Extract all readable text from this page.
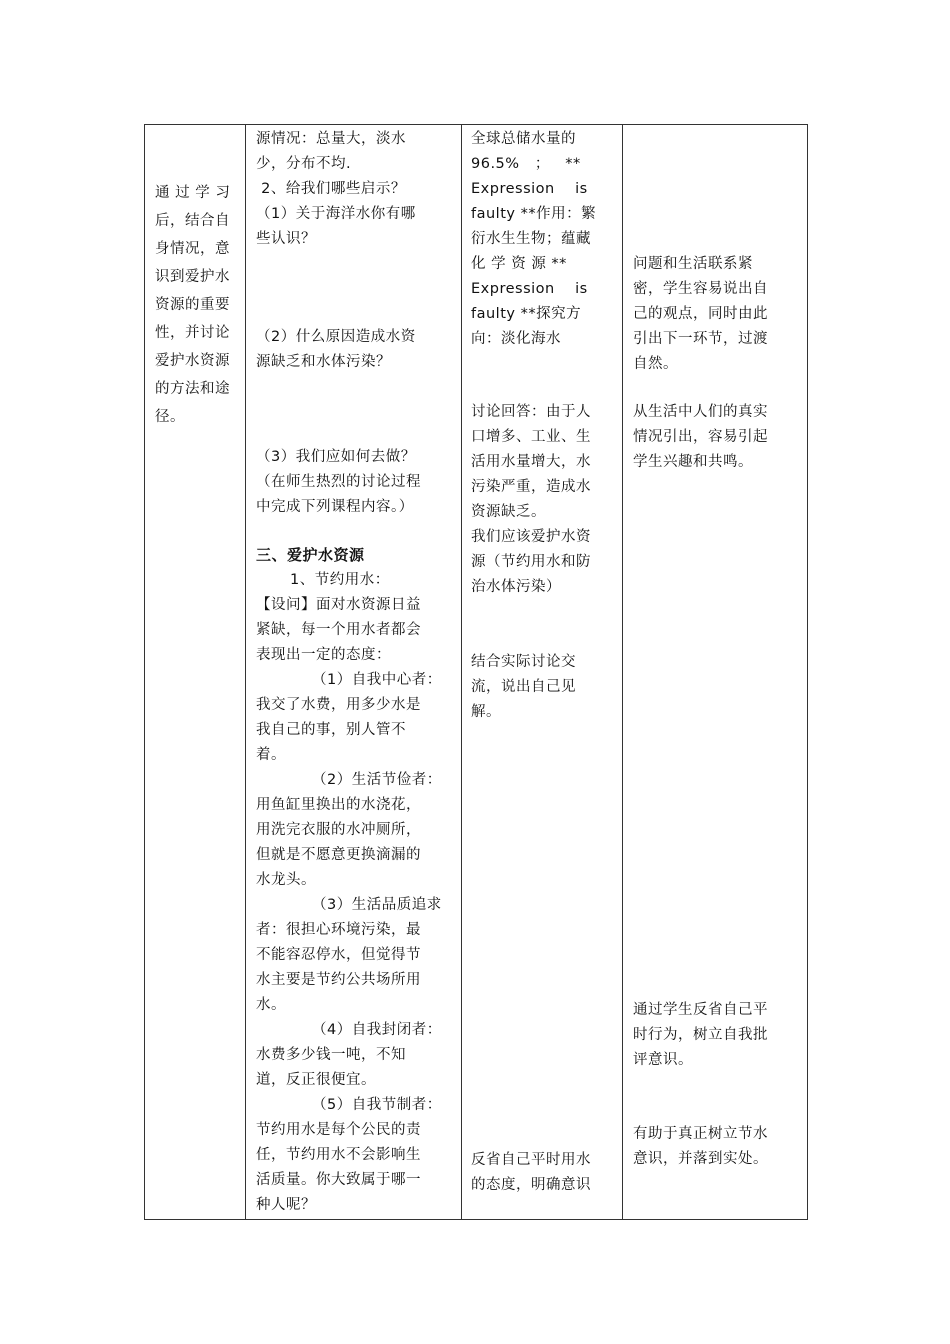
通 过 学 习
后，结合自
身情况，意
识到爱护水
资源的重要
性，并讨论
爱护水资源
的方法和途
径。
源情况：总量大，淡水
少，分布不均.
2、给我们哪些启示？
（1）关于海洋水你有哪
些认识？
（2）什么原因造成水资
源缺乏和水体污染？
（3）我们应如何去做？
（在师生热烈的讨论过程
中完成下列课程内容。）
三、爱护水资源
1、节约用水：
【设问】面对水资源日益
紧缺，每一个用水者都会
表现出一定的态度：
（1）自我中心者：
我交了水费，用多少水是
我自己的事，别人管不
着。
（2）生活节俭者：
用鱼缸里换出的水浇花，
用洗完衣服的水冲厕所，
但就是不愿意更换滴漏的
水龙头。
（3）生活品质追求
者：很担心环境污染，最
不能容忍停水，但觉得节
水主要是节约公共场所用
水。
（4）自我封闭者：
水费多少钱一吨，不知
道，反正很便宜。
（5）自我节制者：
节约用水是每个公民的责
任，节约用水不会影响生
活质量。你大致属于哪一
种人呢？
全球总储水量的
96.5%   ；   **
Expression    is
faulty **作用：繁
衍水生生物；蕴藏
化 学 资 源 **
Expression    is
faulty **探究方
向：淡化海水
讨论回答：由于人
口增多、工业、生
活用水量增大，水
污染严重，造成水
资源缺乏。
我们应该爱护水资
源（节约用水和防
治水体污染）
结合实际讨论交
流，说出自己见
解。
反省自己平时用水
的态度，明确意识
问题和生活联系紧
密，学生容易说出自
己的观点，同时由此
引出下一环节，过渡
自然。
从生活中人们的真实
情况引出，容易引起
学生兴趣和共鸣。
通过学生反省自己平
时行为，树立自我批
评意识。
有助于真正树立节水
意识，并落到实处。
